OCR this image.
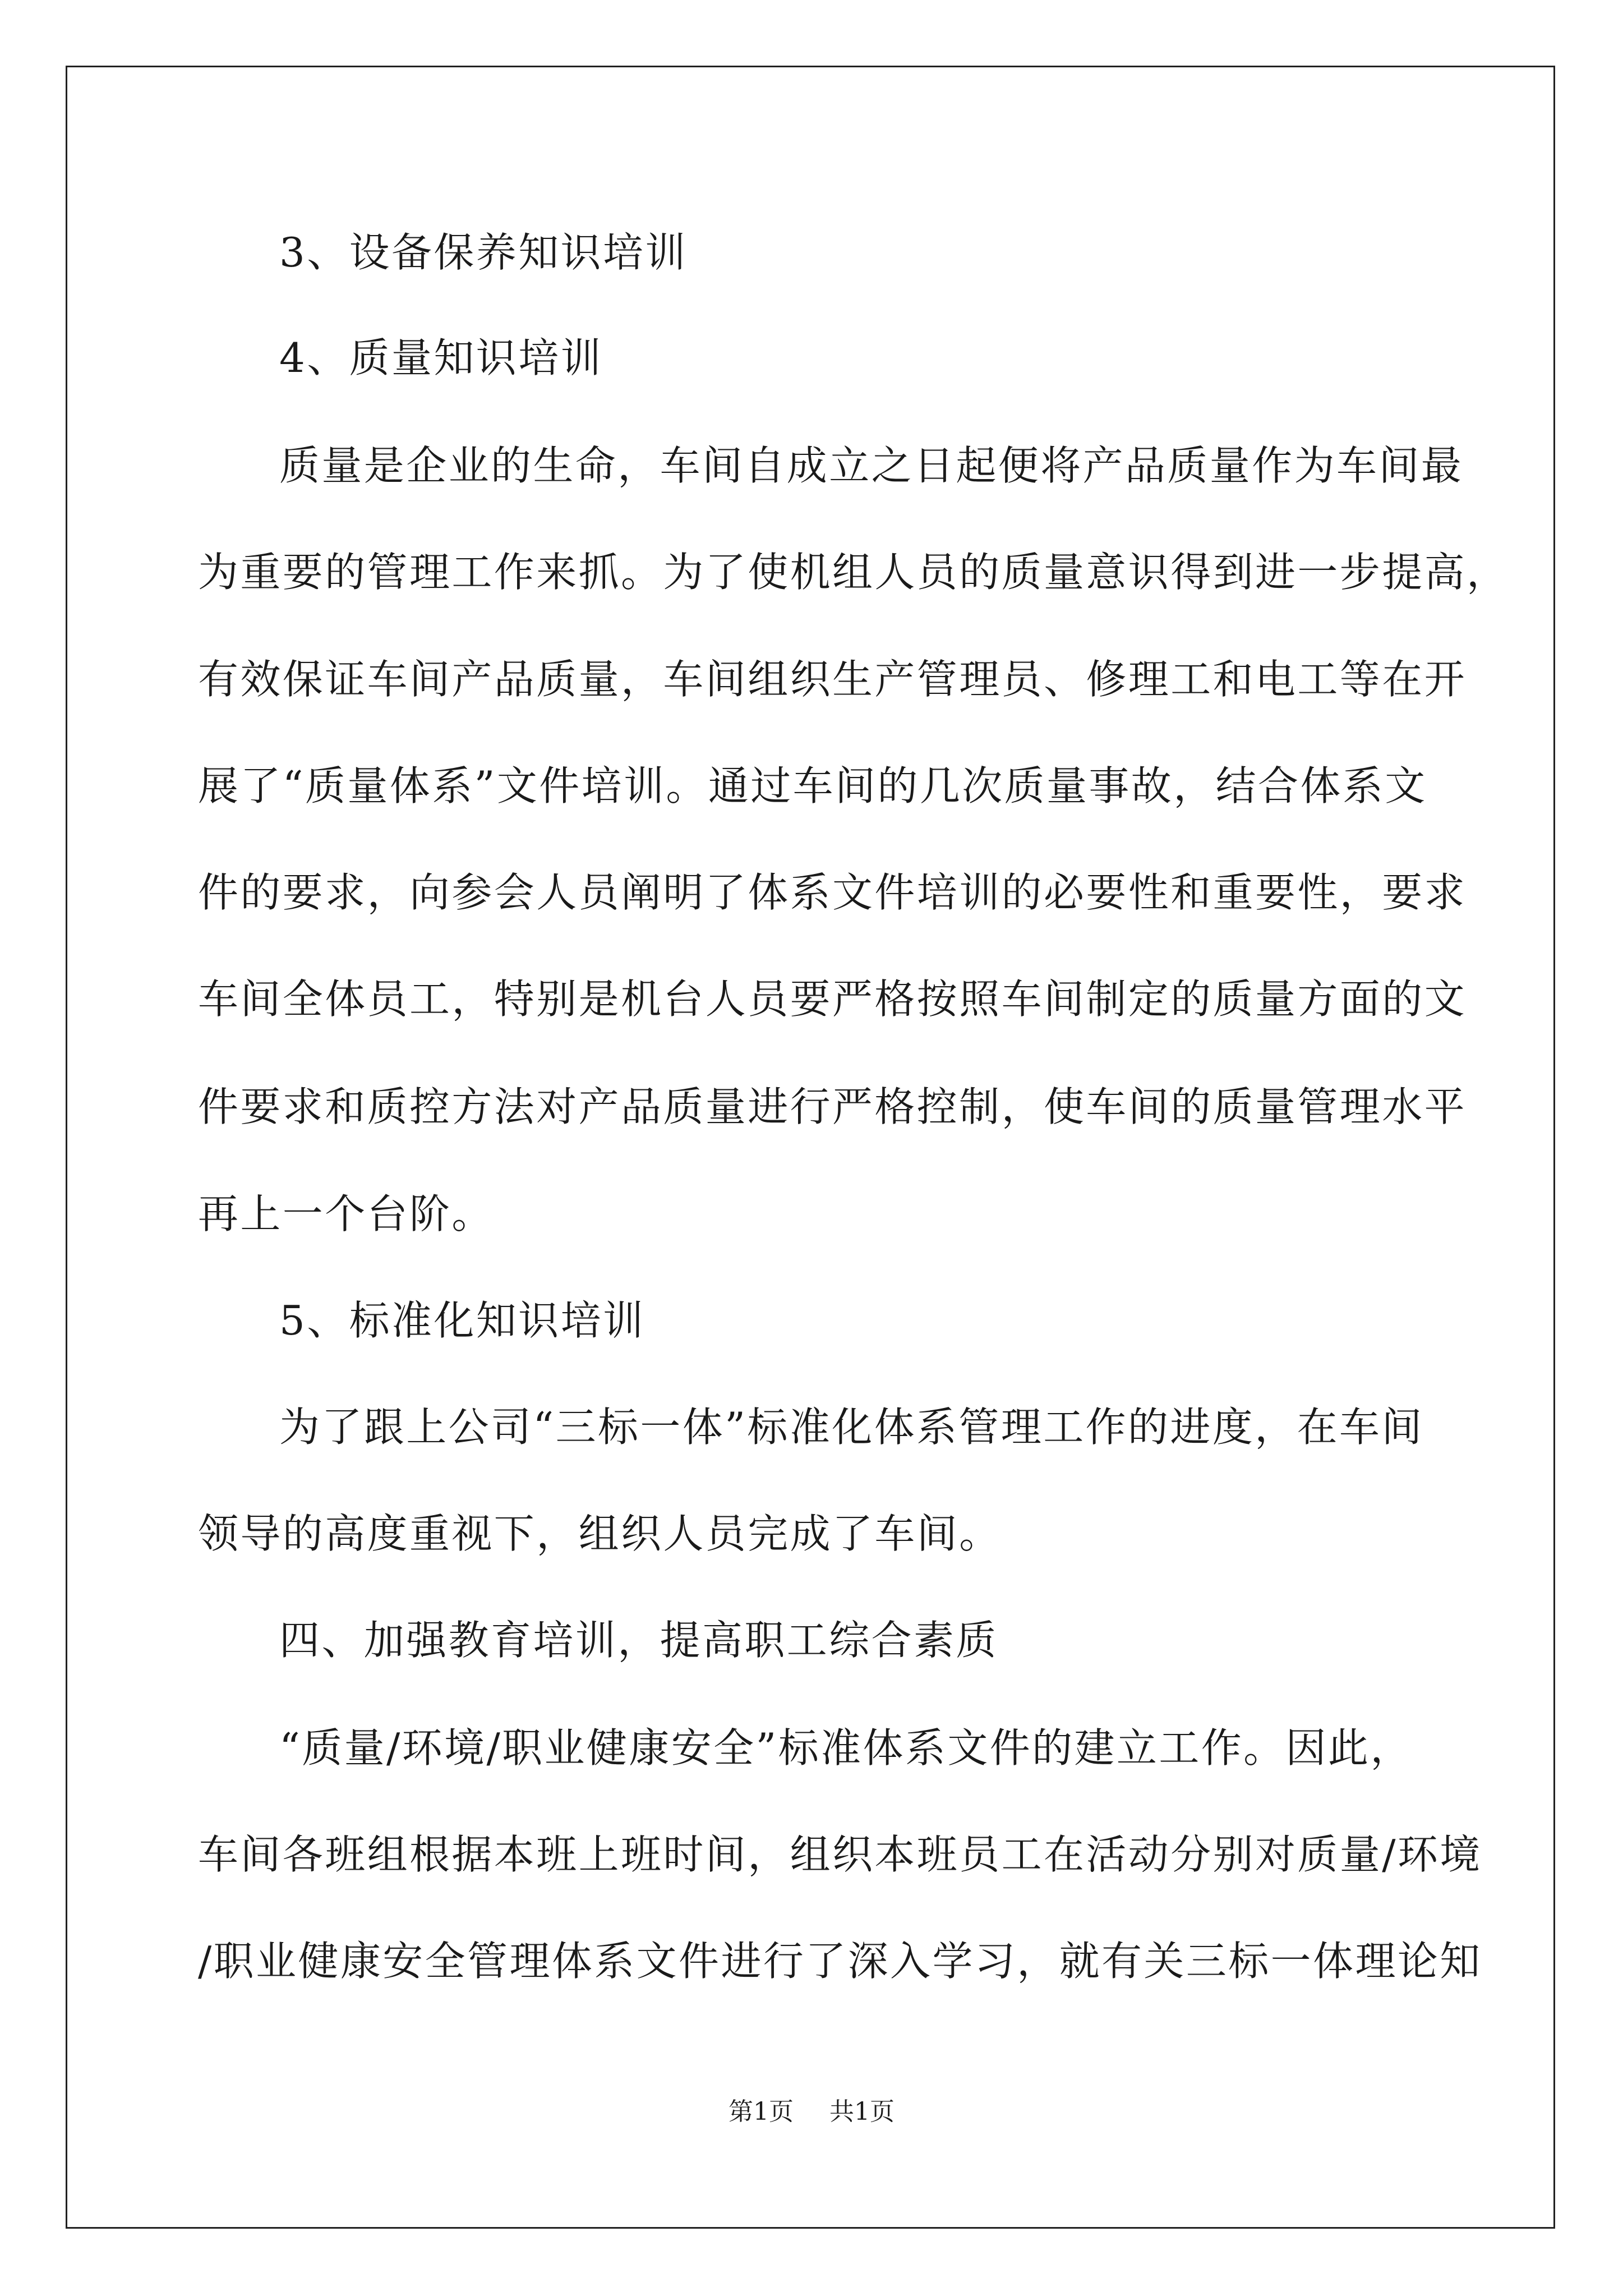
3、设备保养知识培训
4、质量知识培训
质量是企业的生命，车间自成立之日起便将产品质量作为车间最
为重要的管理工作来抓。为了使机组人员的质量意识得到进一步提高，
有效保证车间产品质量，车间组织生产管理员、修理工和电工等在开
展了“质量体系”文件培训。通过车间的几次质量事故，结合体系文
件的要求，向参会人员阐明了体系文件培训的必要性和重要性，要求
车间全体员工，特别是机台人员要严格按照车间制定的质量方面的文
件要求和质控方法对产品质量进行严格控制，使车间的质量管理水平
再上一个台阶。
5、标准化知识培训
为了跟上公司“三标一体”标准化体系管理工作的进度，在车间
领导的高度重视下，组织人员完成了车间。
四、加强教育培训，提高职工综合素质
“质量/环境/职业健康安全”标准体系文件的建立工作。因此，
车间各班组根据本班上班时间，组织本班员工在活动分别对质量/环境
/职业健康安全管理体系文件进行了深入学习，就有关三标一体理论知
第1页 共1页
